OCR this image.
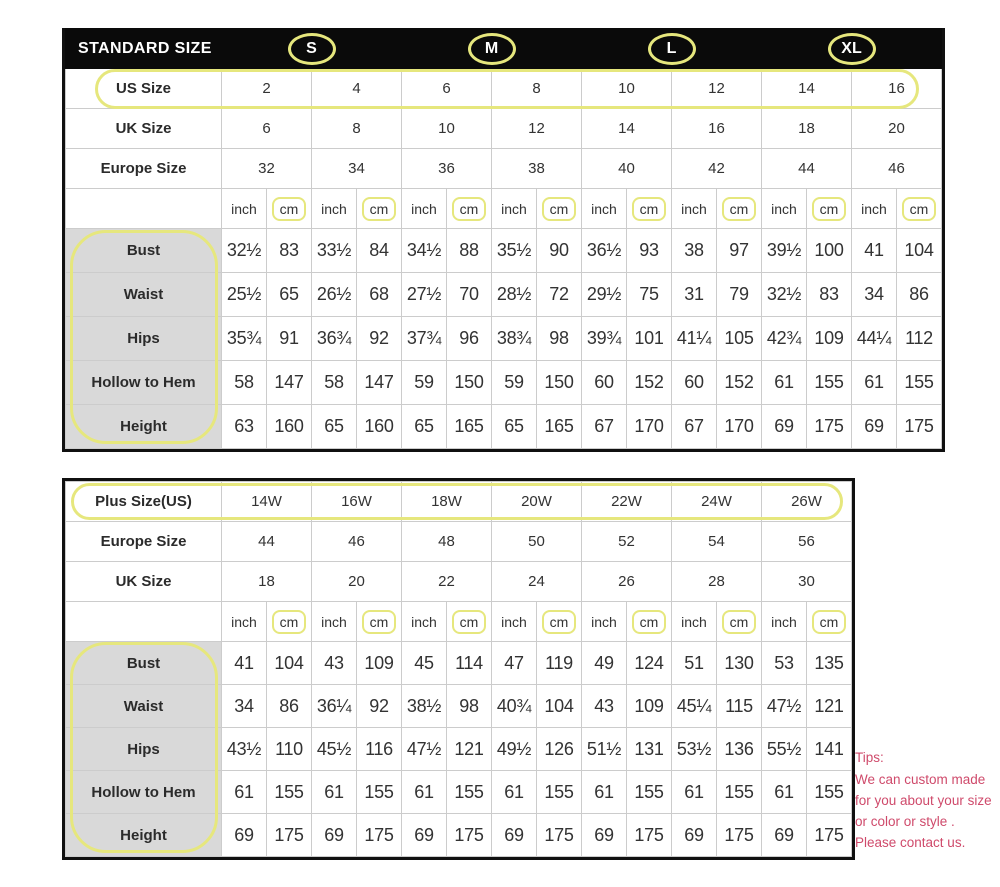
STANDARD SIZE	S				M				L				XL			
US Size	2		4		6		8		10		12		14		16	
UK Size	6		8		10		12		14		16		18		20	
Europe Size	32		34		36		38		40		42		44		46	
	inch	cm	inch	cm	inch	cm	inch	cm	inch	cm	inch	cm	inch	cm	inch	cm
Bust	32½	83	33½	84	34½	88	35½	90	36½	93	38	97	39½	100	41	104
Waist	25½	65	26½	68	27½	70	28½	72	29½	75	31	79	32½	83	34	86
Hips	35¾	91	36¾	92	37¾	96	38¾	98	39¾	101	41¼	105	42¾	109	44¼	112
Hollow to Hem	58	147	58	147	59	150	59	150	60	152	60	152	61	155	61	155
Height	63	160	65	160	65	165	65	165	67	170	67	170	69	175	69	175
Plus Size(US)	14W		16W		18W		20W		22W		24W		26W	
Europe Size	44		46		48		50		52		54		56	
UK Size	18		20		22		24		26		28		30	
	inch	cm	inch	cm	inch	cm	inch	cm	inch	cm	inch	cm	inch	cm
Bust	41	104	43	109	45	114	47	119	49	124	51	130	53	135
Waist	34	86	36¼	92	38½	98	40¾	104	43	109	45¼	115	47½	121
Hips	43½	110	45½	116	47½	121	49½	126	51½	131	53½	136	55½	141
Hollow to Hem	61	155	61	155	61	155	61	155	61	155	61	155	61	155
Height	69	175	69	175	69	175	69	175	69	175	69	175	69	175
Tips:
We can custom made
for you about your size
or color or style .
Please contact us.
